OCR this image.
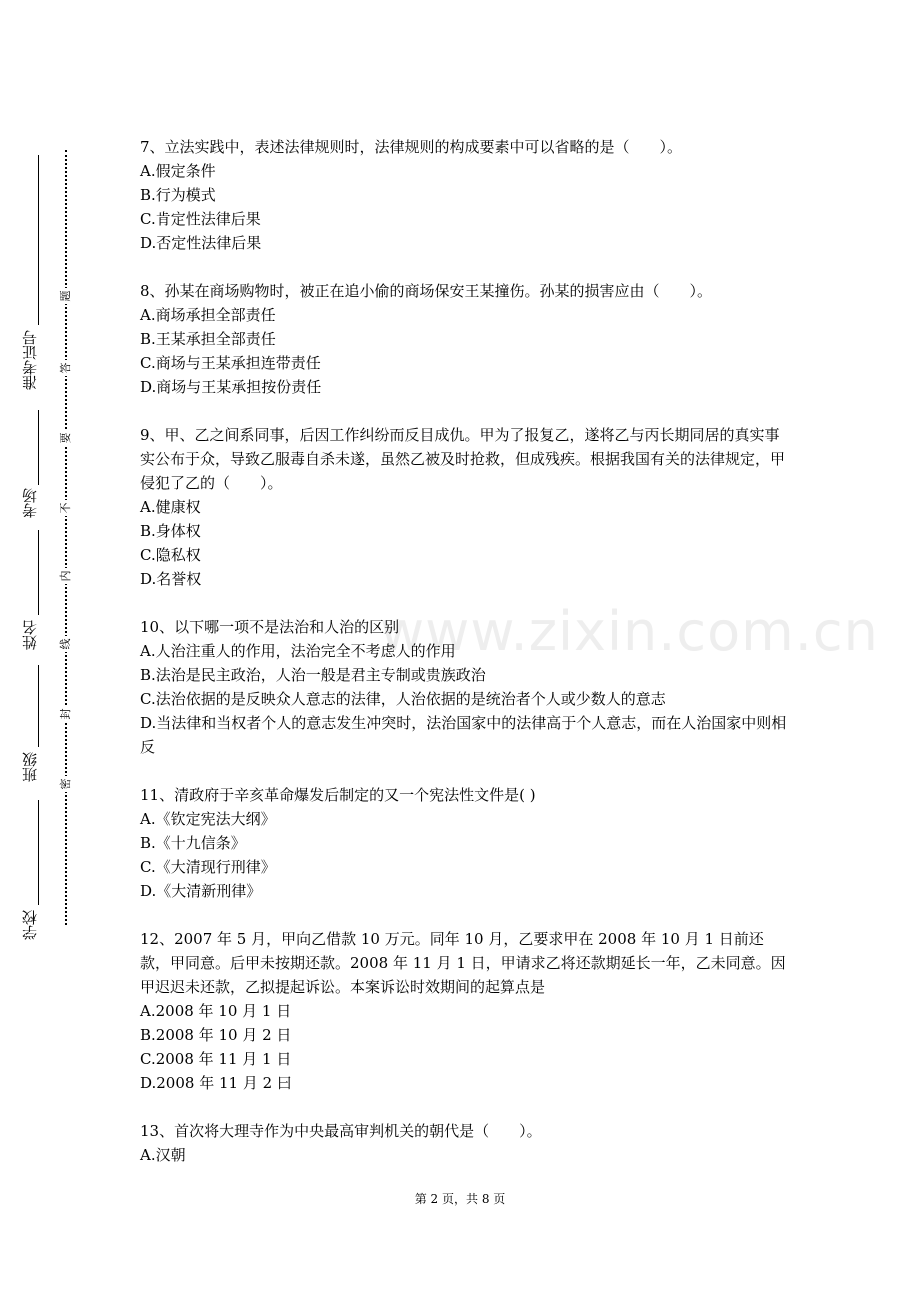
www.zixin.com.cn
准考证号
考场
姓名
班级
学校
题
答
要
不
内
线
封
密

7、立法实践中，表述法律规则时，法律规则的构成要素中可以省略的是（　　）。

A.假定条件

B.行为模式

C.肯定性法律后果

D.否定性法律后果

8、孙某在商场购物时，被正在追小偷的商场保安王某撞伤。孙某的损害应由（　　）。

A.商场承担全部责任

B.王某承担全部责任

C.商场与王某承担连带责任

D.商场与王某承担按份责任

9、甲、乙之间系同事，后因工作纠纷而反目成仇。甲为了报复乙，遂将乙与丙长期同居的真实事实公布于众，导致乙服毒自杀未遂，虽然乙被及时抢救，但成残疾。根据我国有关的法律规定，甲侵犯了乙的（　　）。

A.健康权

B.身体权

C.隐私权

D.名誉权

10、以下哪一项不是法治和人治的区别

A.人治注重人的作用，法治完全不考虑人的作用

B.法治是民主政治，人治一般是君主专制或贵族政治

C.法治依据的是反映众人意志的法律，人治依据的是统治者个人或少数人的意志

D.当法律和当权者个人的意志发生冲突时，法治国家中的法律高于个人意志，而在人治国家中则相反

11、清政府于辛亥革命爆发后制定的又一个宪法性文件是( )

A.《钦定宪法大纲》

B.《十九信条》

C.《大清现行刑律》

D.《大清新刑律》

12、2007 年 5 月，甲向乙借款 10 万元。同年 10 月，乙要求甲在 2008 年 10 月 1 日前还款，甲同意。后甲未按期还款。2008 年 11 月 1 日，甲请求乙将还款期延长一年，乙未同意。因甲迟迟未还款，乙拟提起诉讼。本案诉讼时效期间的起算点是

A.2008 年 10 月 1 日

B.2008 年 10 月 2 日

C.2008 年 11 月 1 日

D.2008 年 11 月 2 曰

13、首次将大理寺作为中央最高审判机关的朝代是（　　）。

A.汉朝

第 2 页，共 8 页
